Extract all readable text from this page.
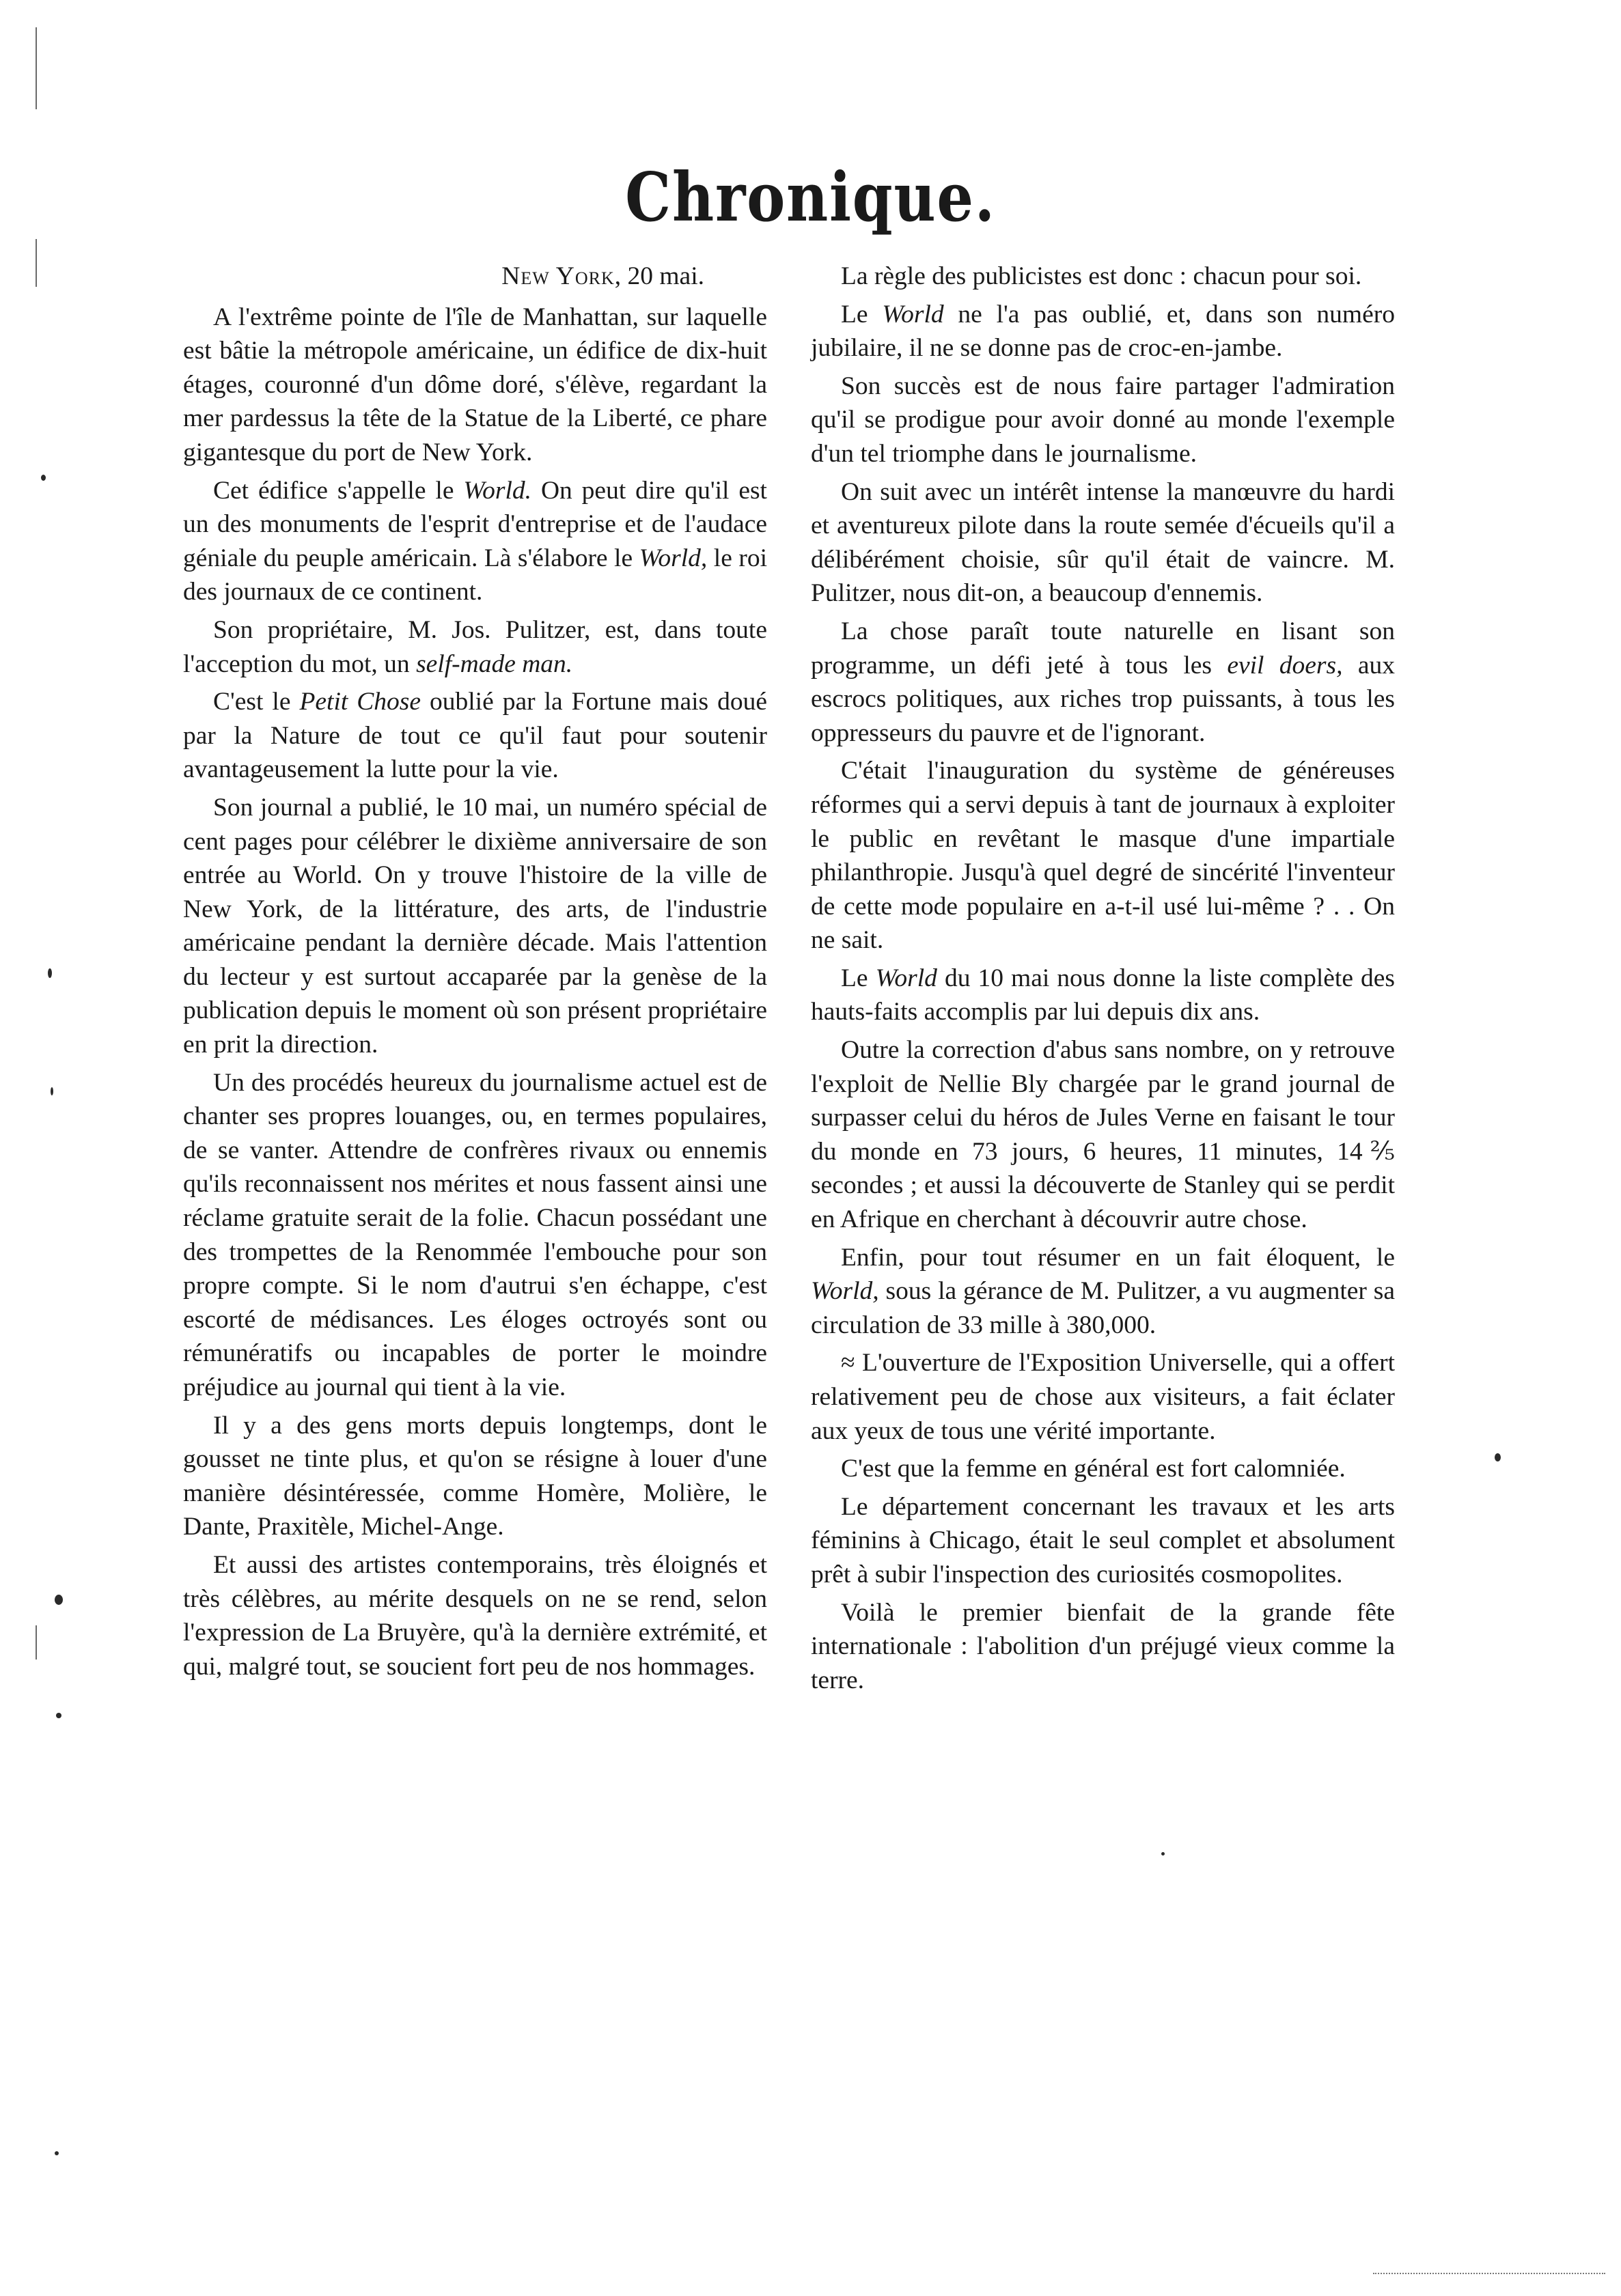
Chronique.

New York, 20 mai.

A l'extrême pointe de l'île de Manhattan, sur laquelle est bâtie la métropole américaine, un édifice de dix-huit étages, couronné d'un dôme doré, s'élève, regardant la mer pardessus la tête de la Statue de la Liberté, ce phare gigantesque du port de New York.

Cet édifice s'appelle le World. On peut dire qu'il est un des monuments de l'esprit d'entreprise et de l'audace géniale du peuple américain. Là s'élabore le World, le roi des journaux de ce continent.

Son propriétaire, M. Jos. Pulitzer, est, dans toute l'acception du mot, un self-made man.

C'est le Petit Chose oublié par la Fortune mais doué par la Nature de tout ce qu'il faut pour soutenir avantageusement la lutte pour la vie.

Son journal a publié, le 10 mai, un numéro spécial de cent pages pour célébrer le dixième anniversaire de son entrée au World. On y trouve l'histoire de la ville de New York, de la littérature, des arts, de l'industrie américaine pendant la dernière décade. Mais l'attention du lecteur y est surtout accaparée par la genèse de la publication depuis le moment où son présent propriétaire en prit la direction.

Un des procédés heureux du journalisme actuel est de chanter ses propres louanges, ou, en termes populaires, de se vanter. Attendre de confrères rivaux ou ennemis qu'ils reconnaissent nos mérites et nous fassent ainsi une réclame gratuite serait de la folie. Chacun possédant une des trompettes de la Renommée l'embouche pour son propre compte. Si le nom d'autrui s'en échappe, c'est escorté de médisances. Les éloges octroyés sont ou rémunératifs ou incapables de porter le moindre préjudice au journal qui tient à la vie.

Il y a des gens morts depuis longtemps, dont le gousset ne tinte plus, et qu'on se résigne à louer d'une manière désintéressée, comme Homère, Molière, le Dante, Praxitèle, Michel-Ange.

Et aussi des artistes contemporains, très éloignés et très célèbres, au mérite desquels on ne se rend, selon l'expression de La Bruyère, qu'à la dernière extrémité, et qui, malgré tout, se soucient fort peu de nos hommages.

La règle des publicistes est donc : chacun pour soi.

Le World ne l'a pas oublié, et, dans son numéro jubilaire, il ne se donne pas de croc-en-jambe.

Son succès est de nous faire partager l'admiration qu'il se prodigue pour avoir donné au monde l'exemple d'un tel triomphe dans le journalisme.

On suit avec un intérêt intense la manœuvre du hardi et aventureux pilote dans la route semée d'écueils qu'il a délibérément choisie, sûr qu'il était de vaincre. M. Pulitzer, nous dit-on, a beaucoup d'ennemis.

La chose paraît toute naturelle en lisant son programme, un défi jeté à tous les evil doers, aux escrocs politiques, aux riches trop puissants, à tous les oppresseurs du pauvre et de l'ignorant.

C'était l'inauguration du système de généreuses réformes qui a servi depuis à tant de journaux à exploiter le public en revêtant le masque d'une impartiale philanthropie. Jusqu'à quel degré de sincérité l'inventeur de cette mode populaire en a-t-il usé lui-même ? . . On ne sait.

Le World du 10 mai nous donne la liste complète des hauts-faits accomplis par lui depuis dix ans.

Outre la correction d'abus sans nombre, on y retrouve l'exploit de Nellie Bly chargée par le grand journal de surpasser celui du héros de Jules Verne en faisant le tour du monde en 73 jours, 6 heures, 11 minutes, 14⅖ secondes ; et aussi la découverte de Stanley qui se perdit en Afrique en cherchant à découvrir autre chose.

Enfin, pour tout résumer en un fait éloquent, le World, sous la gérance de M. Pulitzer, a vu augmenter sa circulation de 33 mille à 380,000.

≈ L'ouverture de l'Exposition Universelle, qui a offert relativement peu de chose aux visiteurs, a fait éclater aux yeux de tous une vérité importante.

C'est que la femme en général est fort calomniée.

Le département concernant les travaux et les arts féminins à Chicago, était le seul complet et absolument prêt à subir l'inspection des curiosités cosmopolites.

Voilà le premier bienfait de la grande fête internationale : l'abolition d'un préjugé vieux comme la terre.
